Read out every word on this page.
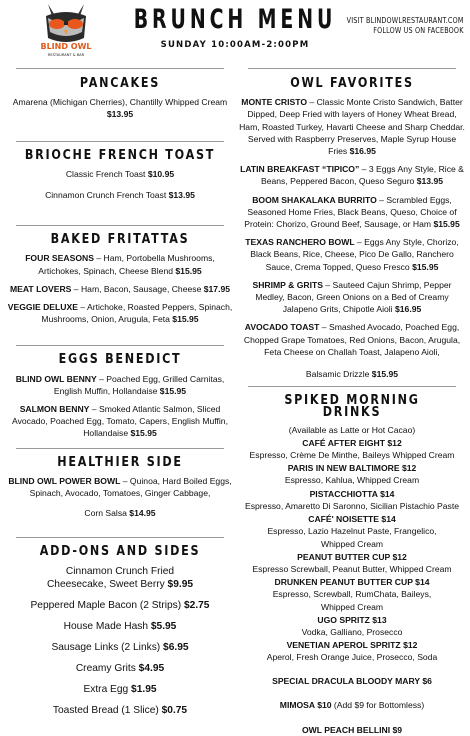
BLIND OWL
RESTAURANT & BAR
BRUNCH MENU
SUNDAY 10:00AM-2:00PM
VISIT BLINDOWLRESTAURANT.COM
FOLLOW US ON FACEBOOK
PANCAKES
Amarena (Michigan Cherries), Chantilly Whipped Cream
$13.95
BRIOCHE FRENCH TOAST
Classic French Toast $10.95
Cinnamon Crunch French Toast $13.95
BAKED FRITATTAS
FOUR SEASONS – Ham, Portobella Mushrooms, Artichokes, Spinach, Cheese Blend $15.95
MEAT LOVERS – Ham, Bacon, Sausage, Cheese $17.95
VEGGIE DELUXE – Artichoke, Roasted Peppers, Spinach, Mushrooms, Onion, Arugula, Feta $15.95
EGGS BENEDICT
BLIND OWL BENNY – Poached Egg, Grilled Carnitas, English Muffin, Hollandaise $15.95
SALMON BENNY – Smoked Atlantic Salmon, Sliced Avocado, Poached Egg, Tomato, Capers, English Muffin, Hollandaise $15.95
HEALTHIER SIDE
BLIND OWL POWER BOWL – Quinoa, Hard Boiled Eggs, Spinach, Avocado, Tomatoes, Ginger Cabbage,
Corn Salsa $14.95
ADD-ONS AND SIDES
Cinnamon Crunch Fried Cheesecake, Sweet Berry $9.95
Peppered Maple Bacon (2 Strips) $2.75
House Made Hash $5.95
Sausage Links (2 Links) $6.95
Creamy Grits $4.95
Extra Egg $1.95
Toasted Bread (1 Slice) $0.75
OWL FAVORITES
MONTE CRISTO – Classic Monte Cristo Sandwich, Batter Dipped, Deep Fried with layers of Honey Wheat Bread, Ham, Roasted Turkey, Havarti Cheese and Sharp Cheddar. Served with Raspberry Preserves, Maple Syrup House Fries $16.95
LATIN BREAKFAST “TIPICO” – 3 Eggs Any Style, Rice & Beans, Peppered Bacon, Queso Seguro $13.95
BOOM SHAKALAKA BURRITO – Scrambled Eggs, Seasoned Home Fries, Black Beans, Queso, Choice of Protein: Chorizo, Ground Beef, Sausage, or Ham $15.95
TEXAS RANCHERO BOWL – Eggs Any Style, Chorizo, Black Beans, Rice, Cheese, Pico De Gallo, Ranchero Sauce, Crema Topped, Queso Fresco $15.95
SHRIMP & GRITS – Sauteed Cajun Shrimp, Pepper Medley, Bacon, Green Onions on a Bed of Creamy Jalapeno Grits, Chipotle Aioli $16.95
AVOCADO TOAST – Smashed Avocado, Poached Egg, Chopped Grape Tomatoes, Red Onions, Bacon, Arugula, Feta Cheese on Challah Toast, Jalapeno Aioli,
Balsamic Drizzle $15.95
SPIKED MORNING DRINKS
(Available as Latte or Hot Cacao)
CAFÉ AFTER EIGHT $12
Espresso, Crème De Minthe, Baileys Whipped Cream
PARIS IN NEW BALTIMORE $12
Espresso, Kahlua, Whipped Cream
PISTACCHIOTTA $14
Espresso, Amaretto Di Saronno, Sicilian Pistachio Paste
CAFÉ' NOISETTE $14
Espresso, Lazio Hazelnut Paste, Frangelico, Whipped Cream
PEANUT BUTTER CUP $12
Espresso Screwball, Peanut Butter, Whipped Cream
DRUNKEN PEANUT BUTTER CUP $14
Espresso, Screwball, RumChata, Baileys, Whipped Cream
UGO SPRITZ $13
Vodka, Galliano, Prosecco
VENETIAN APEROL SPRITZ $12
Aperol, Fresh Orange Juice, Prosecco, Soda
SPECIAL DRACULA BLOODY MARY $6
MIMOSA $10 (Add $9 for Bottomless)
OWL PEACH BELLINI $9
